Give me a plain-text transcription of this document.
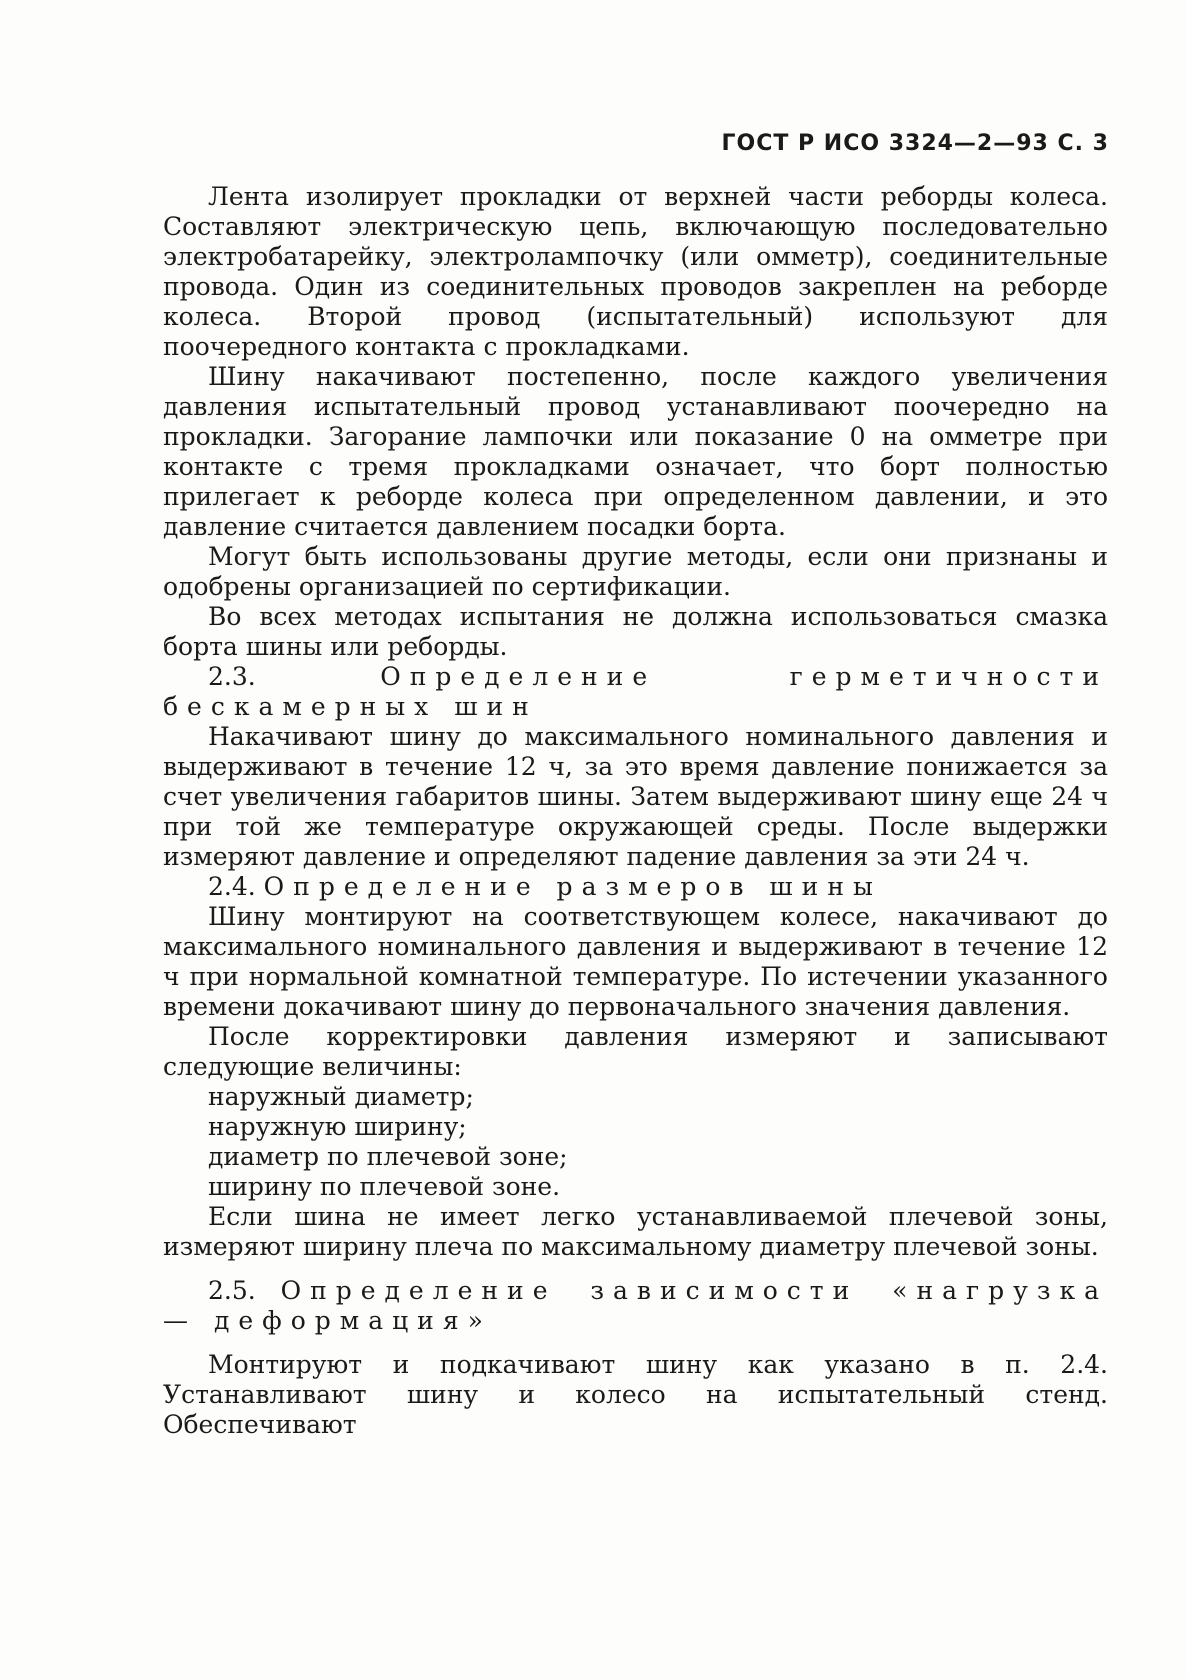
ГОСТ Р ИСО 3324—2—93 С. 3

Лента изолирует прокладки от верхней части реборды колеса. Составляют электрическую цепь, включающую последовательно электробатарейку, электролампочку (или омметр), соединительные провода. Один из соединительных проводов закреплен на реборде колеса. Второй провод (испытательный) используют для поочередного контакта с прокладками.

Шину накачивают постепенно, после каждого увеличения давления испытательный провод устанавливают поочередно на прокладки. Загорание лампочки или показание 0 на омметре при контакте с тремя прокладками означает, что борт полностью прилегает к реборде колеса при определенном давлении, и это давление считается давлением посадки борта.

Могут быть использованы другие методы, если они признаны и одобрены организацией по сертификации.

Во всех методах испытания не должна использоваться смазка борта шины или реборды.

2.3.	Определение герметичности бескамерных шин

Накачивают шину до максимального номинального давления и выдерживают в течение 12 ч, за это время давление понижается за счет увеличения габаритов шины. Затем выдерживают шину еще 24 ч при той же температуре окружающей среды. После выдержки измеряют давление и определяют падение давления за эти 24 ч.

2.4. Определение размеров шины

Шину монтируют на соответствующем колесе, накачивают до максимального номинального давления и выдерживают в течение 12 ч при нормальной комнатной температуре. По истечении указанного времени докачивают шину до первоначального значения давления.

После корректировки давления измеряют и записывают следующие величины:

наружный диаметр;

наружную ширину;

диаметр по плечевой зоне;

ширину по плечевой зоне.

Если шина не имеет легко устанавливаемой плечевой зоны, измеряют ширину плеча по максимальному диаметру плечевой зоны.

2.5. Определение зависимости «нагрузка — деформация»

Монтируют и подкачивают шину как указано в п. 2.4. Устанавливают шину и колесо на испытательный стенд. Обеспечивают
